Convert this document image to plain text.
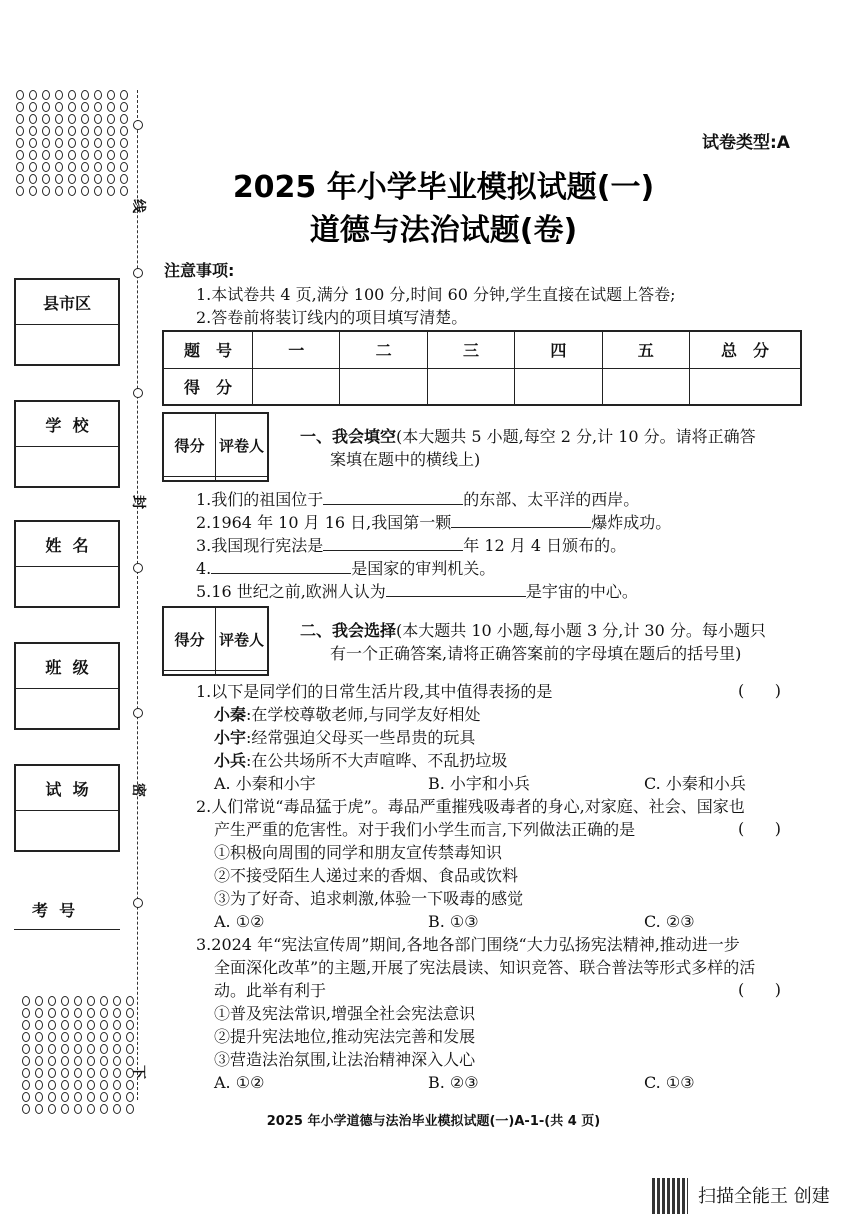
线
封
密
下
县市区
学  校
姓  名
班  级
试  场
考  号
试卷类型:A
2025 年小学毕业模拟试题(一)
道德与法治试题(卷)
注意事项:
1.本试卷共 4 页,满分 100 分,时间 60 分钟,学生直接在试题上答卷;
2.答卷前将装订线内的项目填写清楚。
题　号	一	二	三	四	五	总　分
得　分						
得分	评卷人
	一、我会填空(本大题共 5 小题,每空 2 分,计 10 分。请将正确答
案填在题中的横线上)
1.我们的祖国位于	的东部、太平洋的西岸。
2.1964 年 10 月 16 日,我国第一颗	爆炸成功。
3.我国现行宪法是	年 12 月 4 日颁布的。
4.	是国家的审判机关。
5.16 世纪之前,欧洲人认为	是宇宙的中心。
得分	评卷人
	二、我会选择(本大题共 10 小题,每小题 3 分,计 30 分。每小题只
有一个正确答案,请将正确答案前的字母填在题后的括号里)
1.以下是同学们的日常生活片段,其中值得表扬的是	(      )
小秦:在学校尊敬老师,与同学友好相处
小宇:经常强迫父母买一些昂贵的玩具
小兵:在公共场所不大声喧哗、不乱扔垃圾
A. 小秦和小宇	B. 小宇和小兵	C. 小秦和小兵
2.人们常说“毒品猛于虎”。毒品严重摧残吸毒者的身心,对家庭、社会、国家也
产生严重的危害性。对于我们小学生而言,下列做法正确的是	(      )
①积极向周围的同学和朋友宣传禁毒知识
②不接受陌生人递过来的香烟、食品或饮料
③为了好奇、追求刺激,体验一下吸毒的感觉
A. ①②	B. ①③	C. ②③
3.2024 年“宪法宣传周”期间,各地各部门围绕“大力弘扬宪法精神,推动进一步
全面深化改革”的主题,开展了宪法晨读、知识竞答、联合普法等形式多样的活
动。此举有利于	(      )
①普及宪法常识,增强全社会宪法意识
②提升宪法地位,推动宪法完善和发展
③营造法治氛围,让法治精神深入人心
A. ①②	B. ②③	C. ①③
2025 年小学道德与法治毕业模拟试题(一)A-1-(共 4 页)
扫描全能王 创建
